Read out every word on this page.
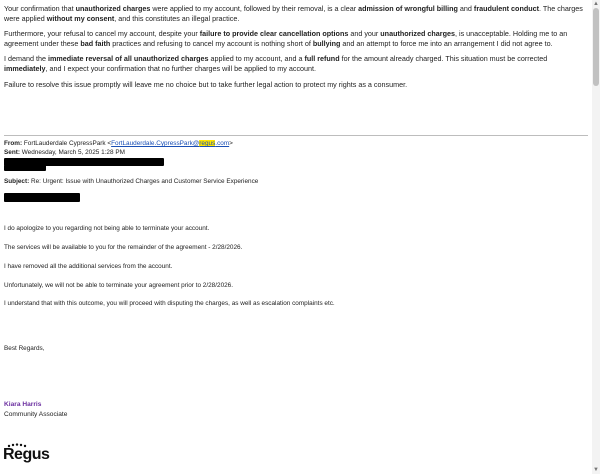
Your confirmation that unauthorized charges were applied to my account, followed by their removal, is a clear admission of wrongful billing and fraudulent conduct. The charges were applied without my consent, and this constitutes an illegal practice.

Furthermore, your refusal to cancel my account, despite your failure to provide clear cancellation options and your unauthorized charges, is unacceptable. Holding me to an agreement under these bad faith practices and refusing to cancel my account is nothing short of bullying and an attempt to force me into an arrangement I did not agree to.

I demand the immediate reversal of all unauthorized charges applied to my account, and a full refund for the amount already charged. This situation must be corrected immediately, and I expect your confirmation that no further charges will be applied to my account.

Failure to resolve this issue promptly will leave me no choice but to take further legal action to protect my rights as a consumer.

From: FortLauderdale CypressPark <FortLauderdale.CypressPark@regus.com>
Sent: Wednesday, March 5, 2025 1:28 PM
Subject: Re: Urgent: Issue with Unauthorized Charges and Customer Service Experience
I do apologize to you regarding not being able to terminate your account.
The services will be available to you for the remainder of the agreement - 2/28/2026.
I have removed all the additional services from the account.
Unfortunately, we will not be able to terminate your agreement prior to 2/28/2026.
I understand that with this outcome, you will proceed with disputing the charges, as well as escalation complaints etc.
Best Regards,
Kiara Harris
Community Associate
Regus
▲
▼
